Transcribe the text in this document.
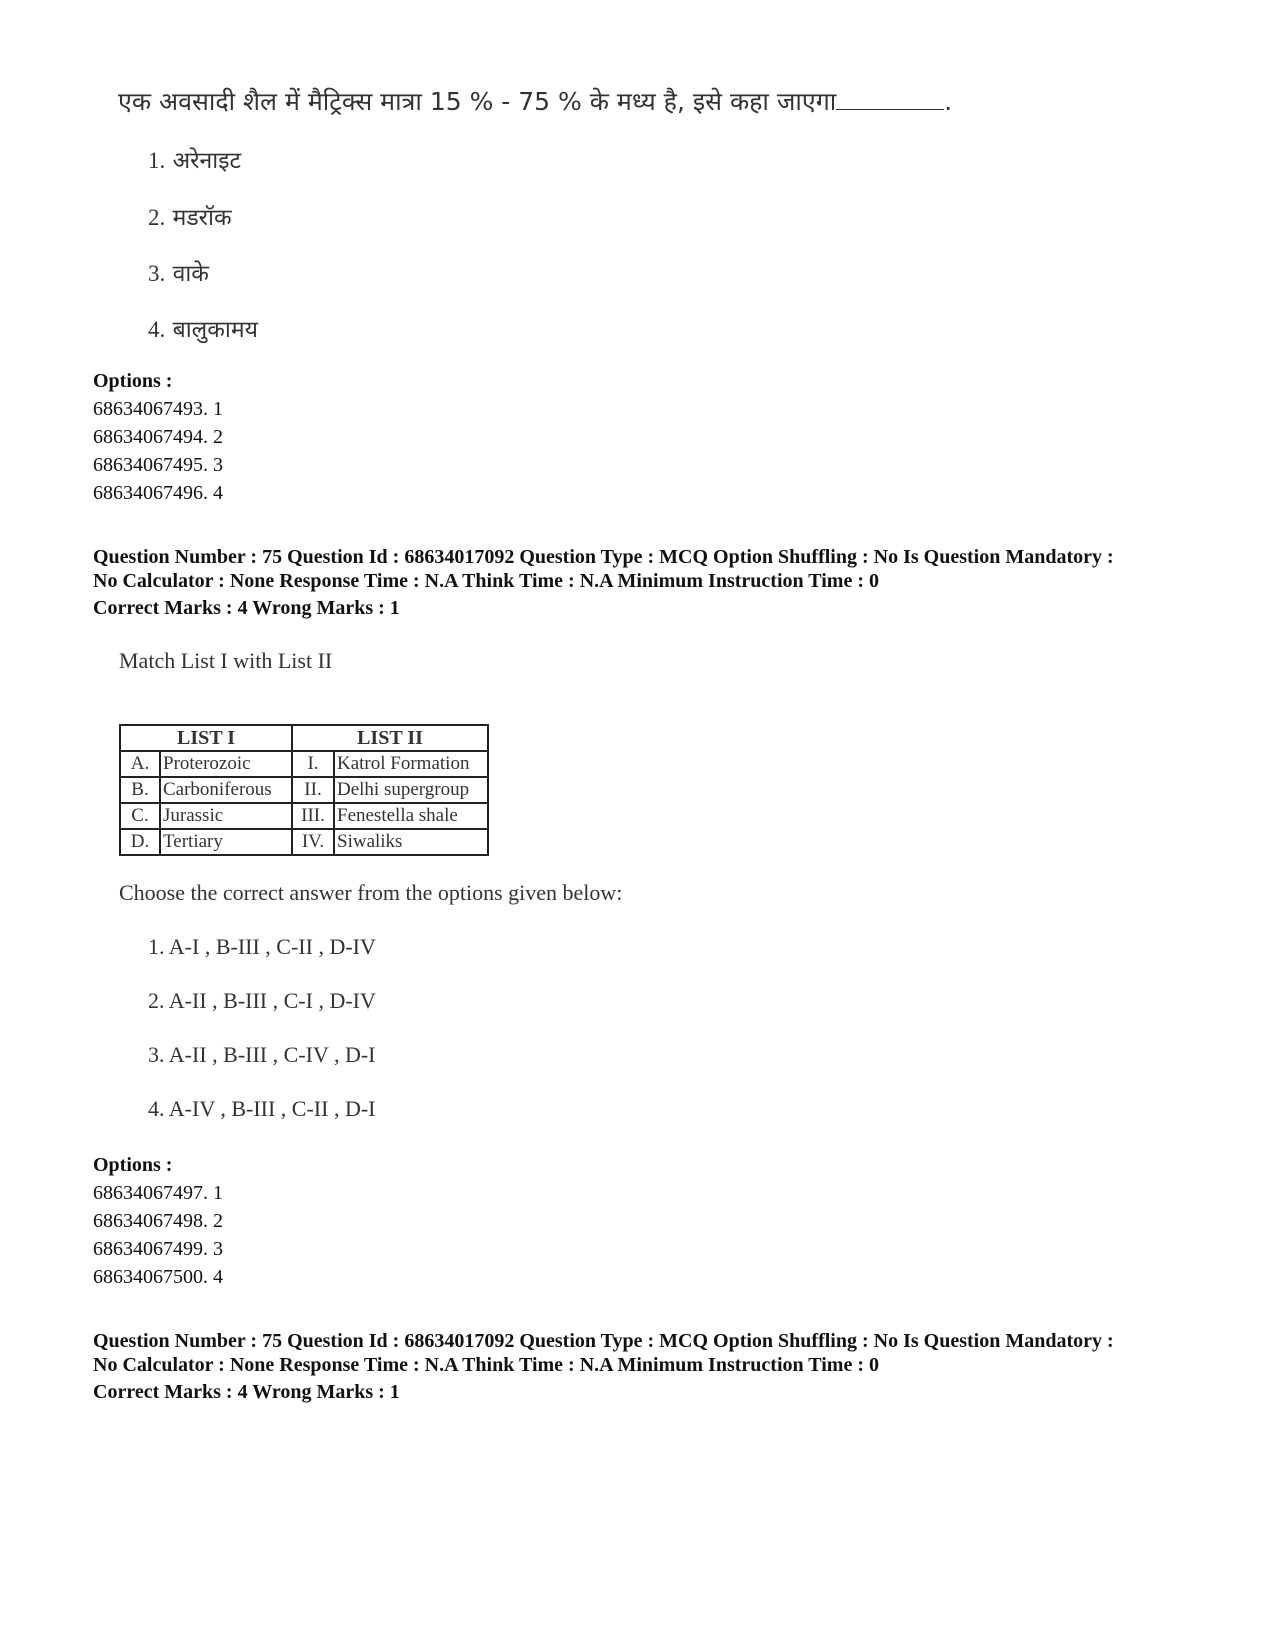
एक अवसादी शैल में मैट्रिक्स मात्रा 15 % - 75 % के मध्य है, इसे कहा जाएगा	.
1. अरेनाइट
2. मडरॉक
3. वाके
4. बालुकामय
Options :
68634067493. 1
68634067494. 2
68634067495. 3
68634067496. 4
Question Number : 75 Question Id : 68634017092 Question Type : MCQ Option Shuffling : No Is Question Mandatory :
No Calculator : None Response Time : N.A Think Time : N.A Minimum Instruction Time : 0
Correct Marks : 4 Wrong Marks : 1
Match List I with List II
LIST I		LIST II	
A.	Proterozoic	I.	Katrol Formation
B.	Carboniferous	II.	Delhi supergroup
C.	Jurassic	III.	Fenestella shale
D.	Tertiary	IV.	Siwaliks
Choose the correct answer from the options given below:
1. A-I , B-III , C-II , D-IV
2. A-II , B-III , C-I , D-IV
3. A-II , B-III , C-IV , D-I
4. A-IV , B-III , C-II , D-I
Options :
68634067497. 1
68634067498. 2
68634067499. 3
68634067500. 4
Question Number : 75 Question Id : 68634017092 Question Type : MCQ Option Shuffling : No Is Question Mandatory :
No Calculator : None Response Time : N.A Think Time : N.A Minimum Instruction Time : 0
Correct Marks : 4 Wrong Marks : 1
